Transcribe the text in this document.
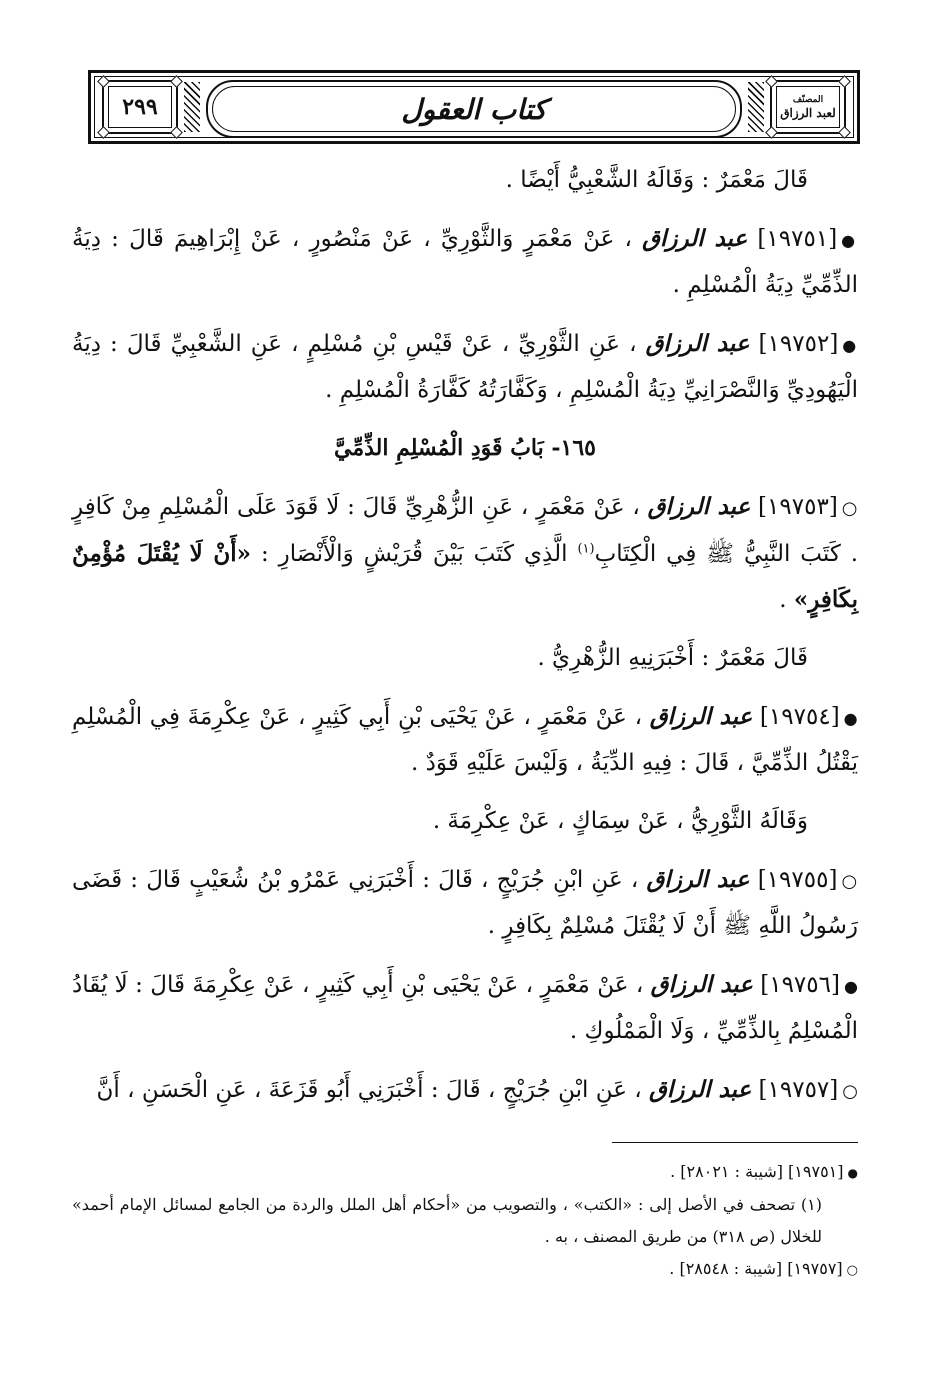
٢٩٩	كتاب العقول	المصنّف
لعبد الرزاق

قَالَ مَعْمَرٌ : وَقَالَهُ الشَّعْبِيُّ أَيْضًا .

●[١٩٧٥١] عبد الرزاق ، عَنْ مَعْمَرٍ وَالثَّوْرِيِّ ، عَنْ مَنْصُورٍ ، عَنْ إِبْرَاهِيمَ قَالَ : دِيَةُ الذِّمِّيِّ دِيَةُ الْمُسْلِمِ .

●[١٩٧٥٢] عبد الرزاق ، عَنِ الثَّوْرِيِّ ، عَنْ قَيْسِ بْنِ مُسْلِمٍ ، عَنِ الشَّعْبِيِّ قَالَ : دِيَةُ الْيَهُودِيِّ وَالنَّصْرَانِيِّ دِيَةُ الْمُسْلِمِ ، وَكَفَّارَتُهُ كَفَّارَةُ الْمُسْلِمِ .

١٦٥- بَابُ قَوَدِ الْمُسْلِمِ الذِّمِّيَّ

○[١٩٧٥٣] عبد الرزاق ، عَنْ مَعْمَرٍ ، عَنِ الزُّهْرِيِّ قَالَ : لَا قَوَدَ عَلَى الْمُسْلِمِ مِنْ كَافِرٍ . كَتَبَ النَّبِيُّ ﷺ فِي الْكِتَابِ$^{(١)}$ الَّذِي كَتَبَ بَيْنَ قُرَيْشٍ وَالْأَنْصَارِ : «أَنْ لَا يُقْتَلَ مُؤْمِنٌ بِكَافِرٍ» .

قَالَ مَعْمَرٌ : أَخْبَرَنِيهِ الزُّهْرِيُّ .

●[١٩٧٥٤] عبد الرزاق ، عَنْ مَعْمَرٍ ، عَنْ يَحْيَى بْنِ أَبِي كَثِيرٍ ، عَنْ عِكْرِمَةَ فِي الْمُسْلِمِ يَقْتُلُ الذِّمِّيَّ ، قَالَ : فِيهِ الدِّيَةُ ، وَلَيْسَ عَلَيْهِ قَوَدٌ .

وَقَالَهُ الثَّوْرِيُّ ، عَنْ سِمَاكٍ ، عَنْ عِكْرِمَةَ .

○[١٩٧٥٥] عبد الرزاق ، عَنِ ابْنِ جُرَيْجٍ ، قَالَ : أَخْبَرَنِي عَمْرُو بْنُ شُعَيْبٍ قَالَ : قَضَى رَسُولُ اللَّهِ ﷺ أَنْ لَا يُقْتَلَ مُسْلِمٌ بِكَافِرٍ .

●[١٩٧٥٦] عبد الرزاق ، عَنْ مَعْمَرٍ ، عَنْ يَحْيَى بْنِ أَبِي كَثِيرٍ ، عَنْ عِكْرِمَةَ قَالَ : لَا يُقَادُ الْمُسْلِمُ بِالذِّمِّيِّ ، وَلَا الْمَمْلُوكِ .

○[١٩٧٥٧] عبد الرزاق ، عَنِ ابْنِ جُرَيْجٍ ، قَالَ : أَخْبَرَنِي أَبُو قَزَعَةَ ، عَنِ الْحَسَنِ ، أَنَّ

●[١٩٧٥١] [شيبة : ٢٨٠٢١] .

(١) تصحف في الأصل إلى : «الكتب» ، والتصويب من «أحكام أهل الملل والردة من الجامع لمسائل الإمام أحمد» للخلال (ص ٣١٨) من طريق المصنف ، به .

○[١٩٧٥٧] [شيبة : ٢٨٥٤٨] .
